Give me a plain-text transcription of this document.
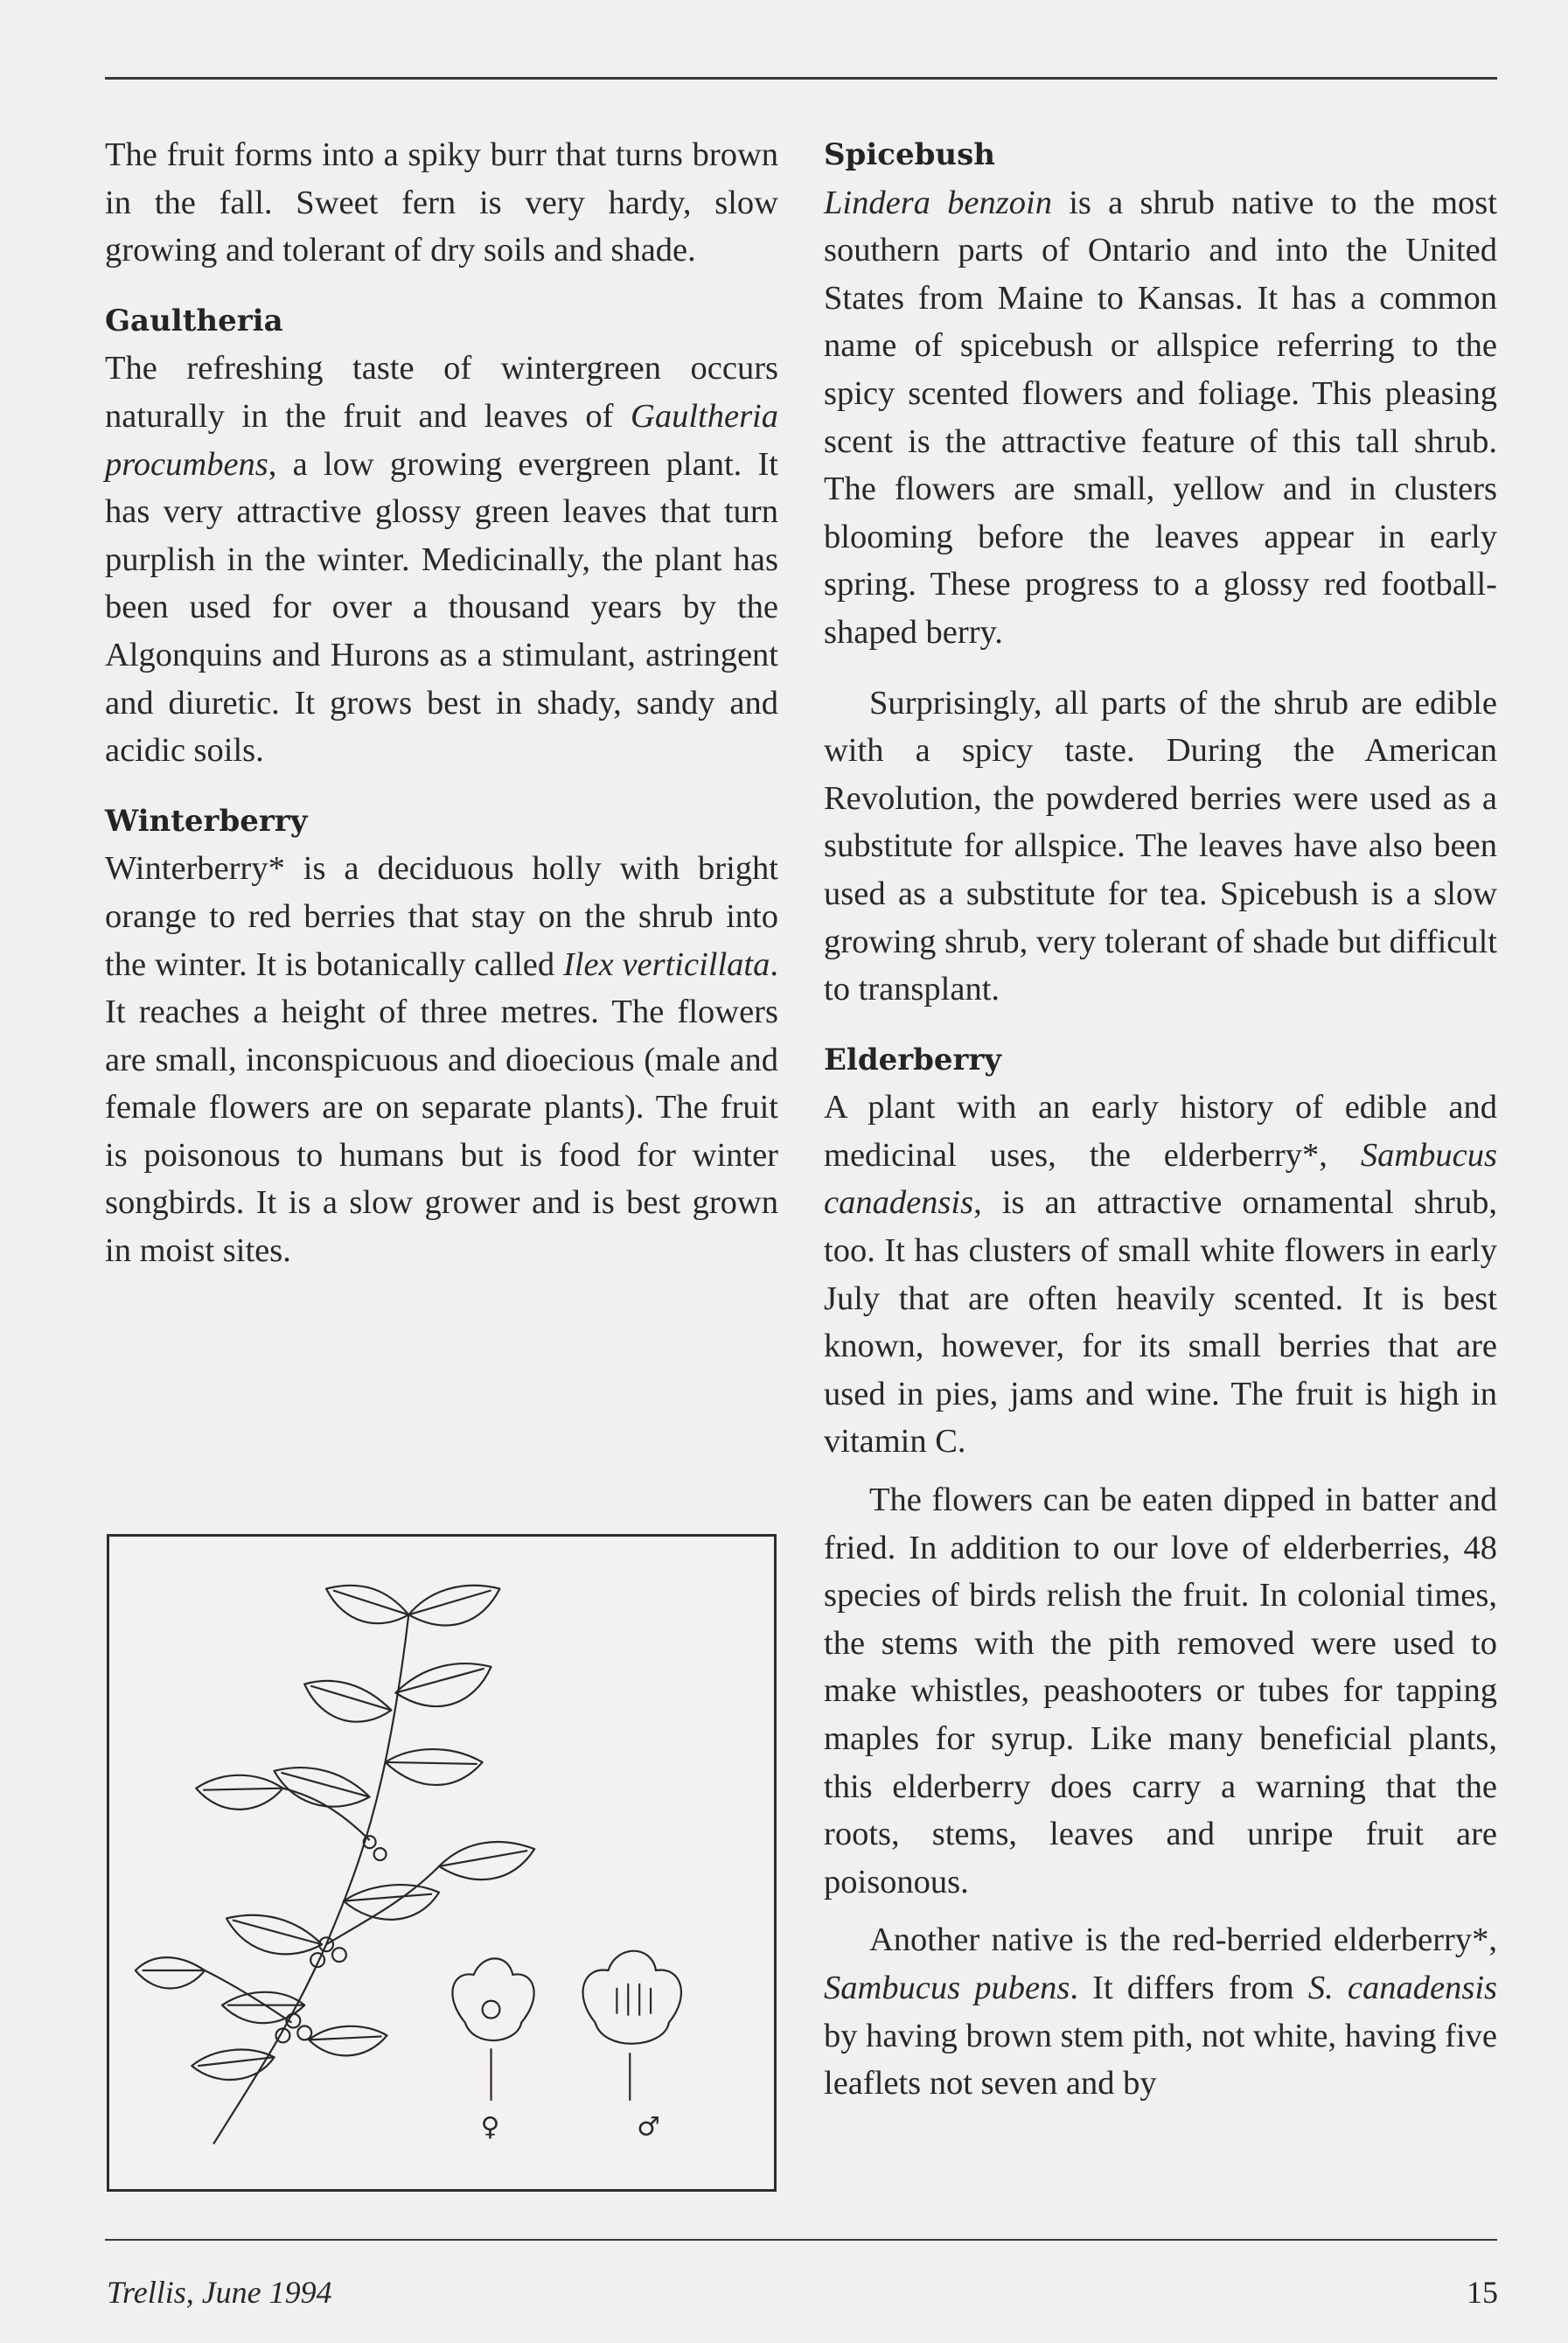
The fruit forms into a spiky burr that turns brown in the fall. Sweet fern is very hardy, slow growing and tolerant of dry soils and shade.

Gaultheria

The refreshing taste of wintergreen occurs naturally in the fruit and leaves of Gaultheria procumbens, a low growing evergreen plant. It has very attractive glossy green leaves that turn purplish in the winter. Medicinally, the plant has been used for over a thousand years by the Algonquins and Hurons as a stimulant, astringent and diuretic. It grows best in shady, sandy and acidic soils.

Winterberry

Winterberry* is a deciduous holly with bright orange to red berries that stay on the shrub into the winter. It is botanically called Ilex verticillata. It reaches a height of three metres. The flowers are small, inconspicuous and dioecious (male and female flowers are on separate plants). The fruit is poisonous to humans but is food for winter songbirds. It is a slow grower and is best grown in moist sites.

Spicebush

Lindera benzoin is a shrub native to the most southern parts of Ontario and into the United States from Maine to Kansas. It has a common name of spicebush or allspice referring to the spicy scented flowers and foliage. This pleasing scent is the attractive feature of this tall shrub. The flowers are small, yellow and in clusters blooming before the leaves appear in early spring. These progress to a glossy red football-shaped berry.

Surprisingly, all parts of the shrub are edible with a spicy taste. During the American Revolution, the powdered berries were used as a substitute for allspice. The leaves have also been used as a substitute for tea. Spicebush is a slow growing shrub, very tolerant of shade but difficult to transplant.

Elderberry

A plant with an early history of edible and medicinal uses, the elderberry*, Sambucus canadensis, is an attractive ornamental shrub, too. It has clusters of small white flowers in early July that are often heavily scented. It is best known, however, for its small berries that are used in pies, jams and wine. The fruit is high in vitamin C.

The flowers can be eaten dipped in batter and fried. In addition to our love of elderberries, 48 species of birds relish the fruit. In colonial times, the stems with the pith removed were used to make whistles, peashooters or tubes for tapping maples for syrup. Like many beneficial plants, this elderberry does carry a warning that the roots, stems, leaves and unripe fruit are poisonous.

Another native is the red-berried elderberry*, Sambucus pubens. It differs from S. canadensis by having brown stem pith, not white, having five leaflets not seven and by

♀	♂
Trellis, June 1994	15
